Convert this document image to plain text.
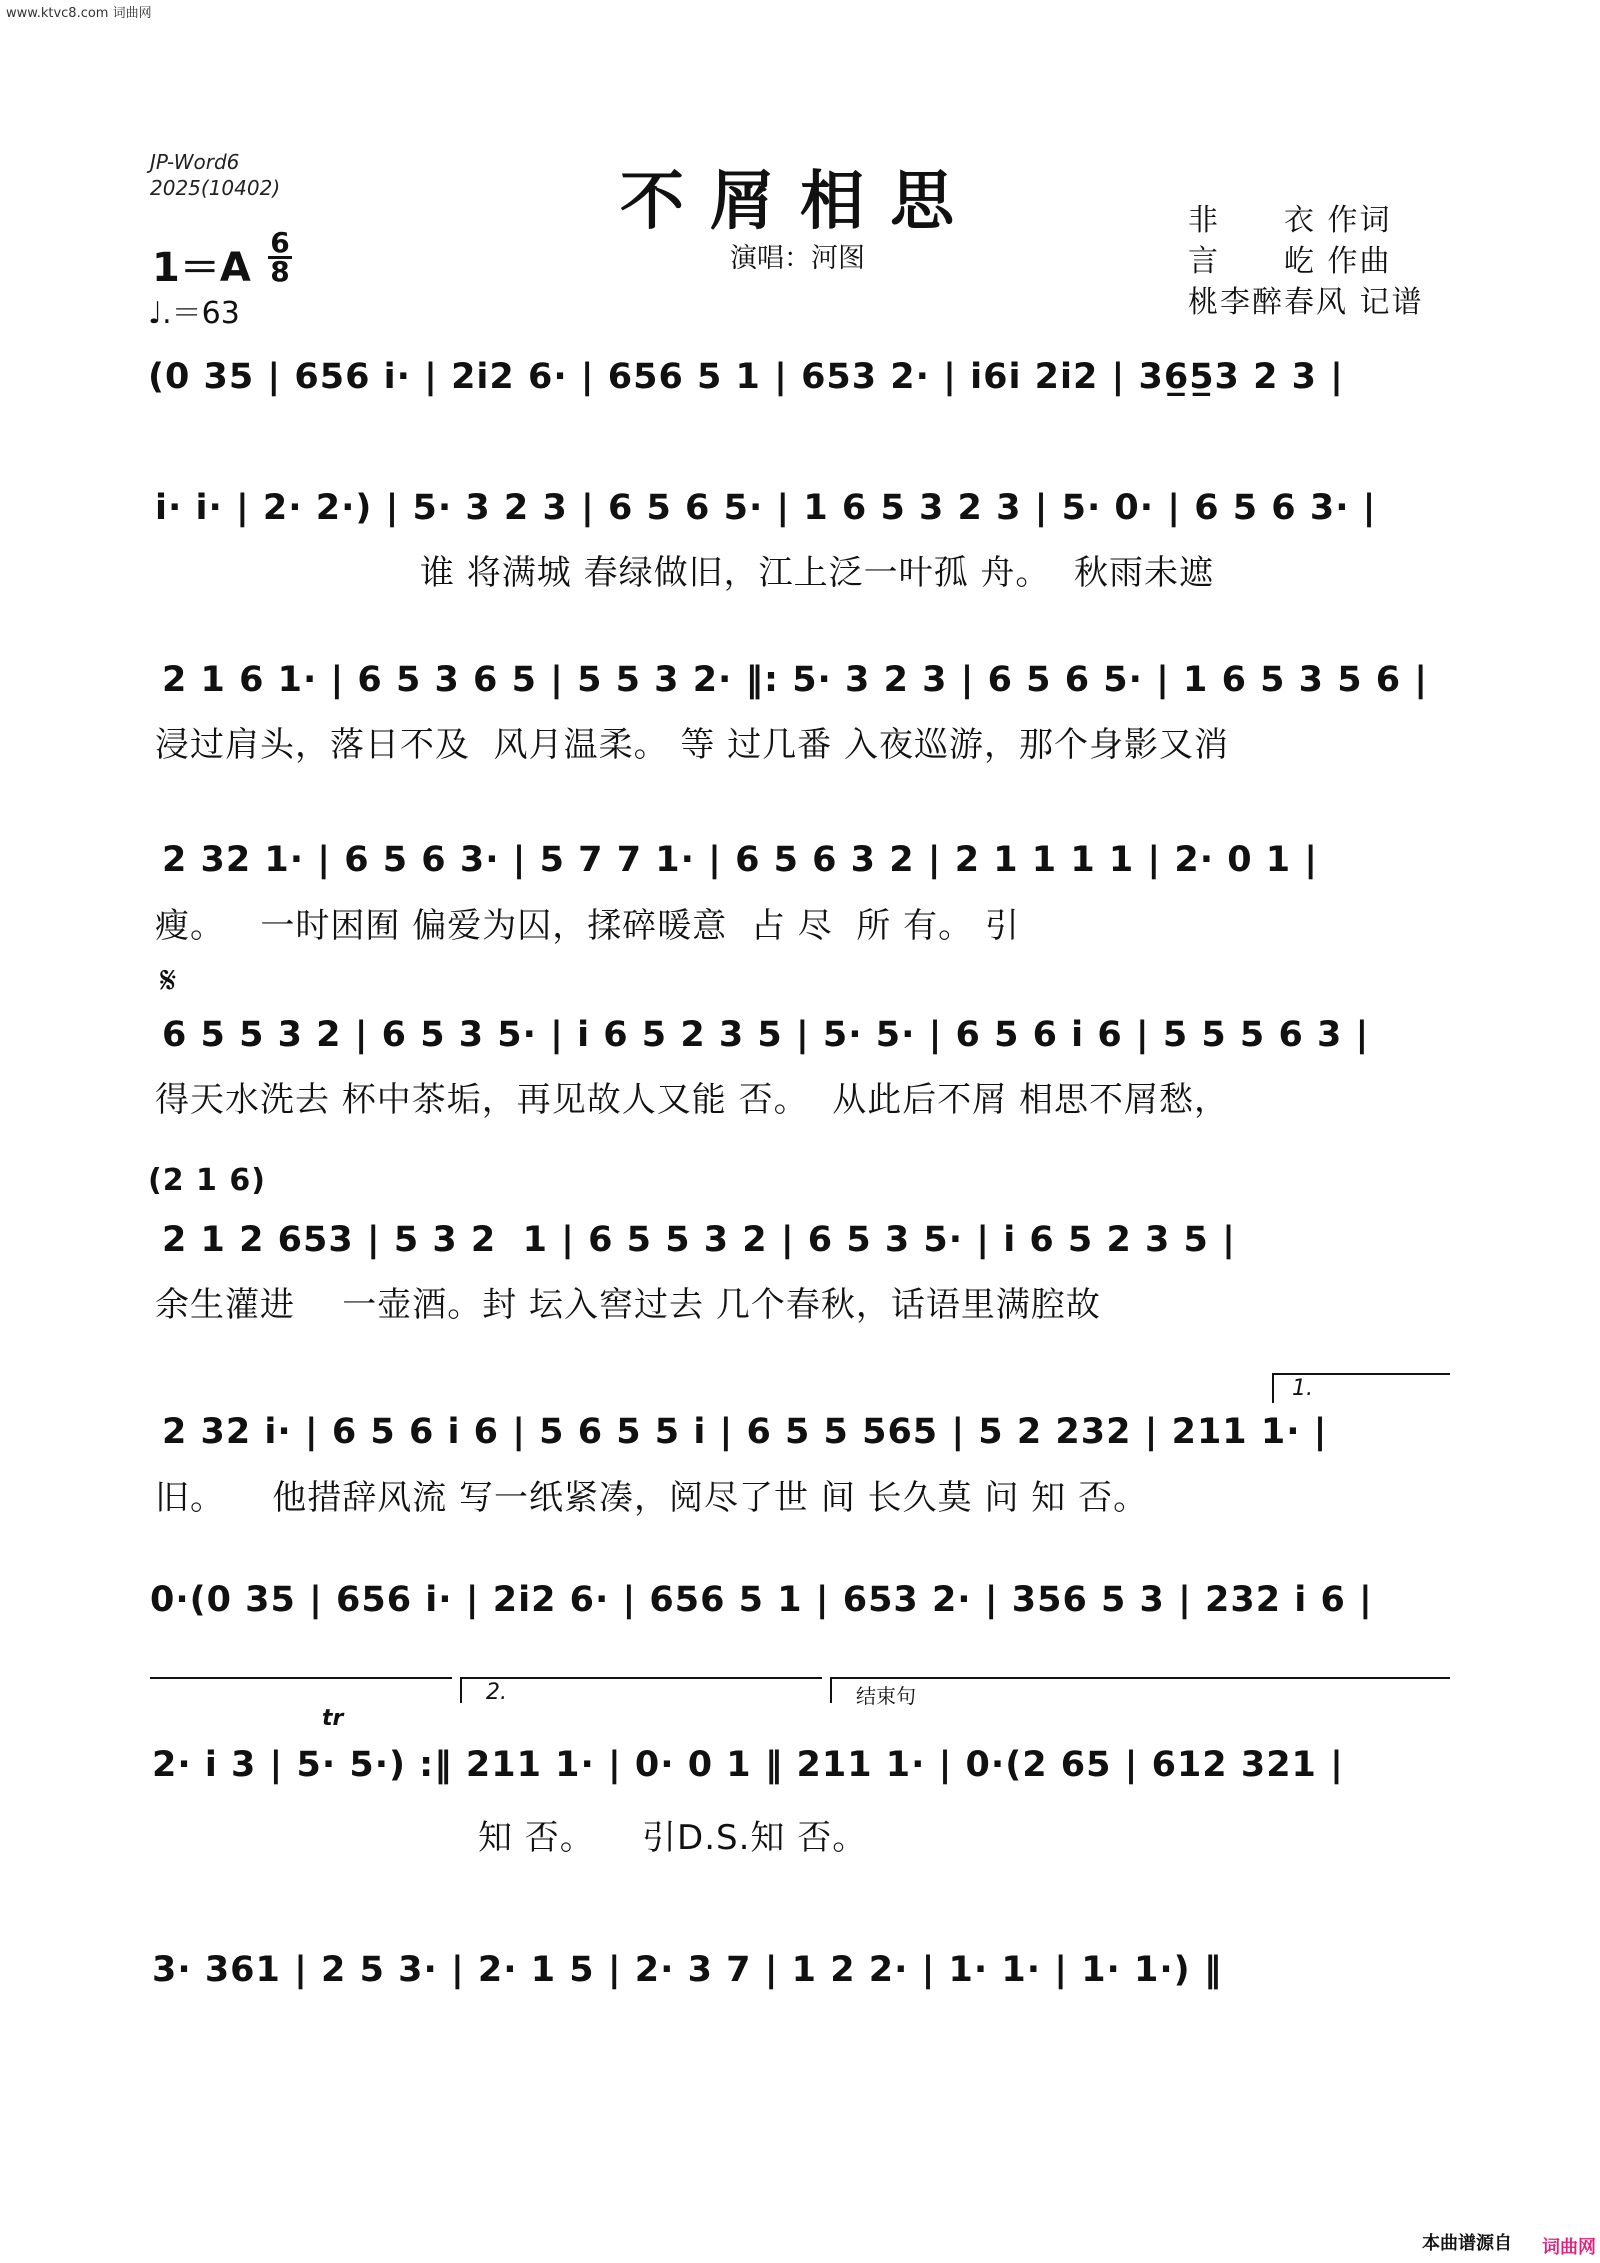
www.ktvc8.com 词曲网
JP-Word6
2025(10402)	不屑相思
演唱：河图
非　　衣 作词
言　　屹 作曲
桃李醉春风 记谱
1＝A
6
8
♩.＝63
(0 35 | 656 i· | 2i2 6· | 656 5 1 | 653 2· | i6i 2i2 | 36̲5̲3 2 3 |
i· i· | 2· 2·) | 5· 3 2 3 | 6 5 6 5· | 1 6 5 3 2 3 | 5· 0· | 6 5 6 3· |
谁 将满城 春绿做旧，江上泛一叶孤 舟。  秋雨未遮
2 1 6 1· | 6 5 3 6 5 | 5 5 3 2· ‖: 5· 3 2 3 | 6 5 6 5· | 1 6 5 3 5 6 |
浸过肩头，落日不及  风月温柔。 等 过几番 入夜巡游，那个身影又消
2 32 1· | 6 5 6 3· | 5 7 7 1· | 6 5 6 3 2 | 2 1 1 1 1 | 2· 0 1 |
瘦。   一时困囿 偏爱为囚，揉碎暖意  占 尽  所 有。 引
𝄋
6 5 5 3 2 | 6 5 3 5· | i 6 5 2 3 5 | 5· 5· | 6 5 6 i 6 | 5 5 5 6 3 |
得天水洗去 杯中茶垢，再见故人又能 否。  从此后不屑 相思不屑愁，
(2 1 6)
2 1 2 653 | 5 3 2  1 | 6 5 5 3 2 | 6 5 3 5· | i 6 5 2 3 5 |
余生灌进    一壶酒。封 坛入窖过去 几个春秋，话语里满腔故
1.
2 32 i· | 6 5 6 i 6 | 5 6 5 5 i | 6 5 5 565 | 5 2 232 | 211 1· |
旧。    他措辞风流 写一纸紧凑，阅尽了世 间 长久莫 问 知 否。
0·(0 35 | 656 i· | 2i2 6· | 656 5 1 | 653 2· | 356 5 3 | 232 i 6 |
2.	结束句
tr
2· i 3 | 5· 5·) :‖ 211 1· | 0· 0 1 ‖ 211 1· | 0·(2 65 | 612 321 |
知 否。    引D.S.知 否。
3· 361 | 2 5 3· | 2· 1 5 | 2· 3 7 | 1 2 2· | 1· 1· | 1· 1·) ‖
本曲谱源自 词曲网
